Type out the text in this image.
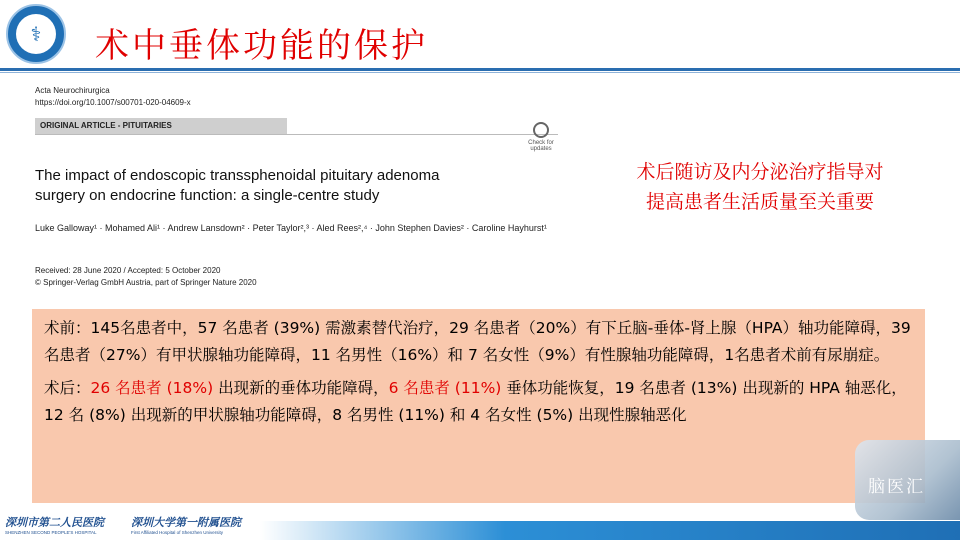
⚕	术中垂体功能的保护
Acta Neurochirurgica
https://doi.org/10.1007/s00701-020-04609-x
ORIGINAL ARTICLE - PITUITARIES
Check for updates
The impact of endoscopic transsphenoidal pituitary adenoma surgery on endocrine function: a single-centre study
Luke Galloway¹ · Mohamed Ali¹ · Andrew Lansdown² · Peter Taylor²,³ · Aled Rees²,⁴ · John Stephen Davies² · Caroline Hayhurst¹
Received: 28 June 2020 / Accepted: 5 October 2020
© Springer-Verlag GmbH Austria, part of Springer Nature 2020
术后随访及内分泌治疗指导对
提高患者生活质量至关重要

术前：145名患者中，57 名患者 (39%) 需激素替代治疗，29 名患者（20%）有下丘脑-垂体-肾上腺（HPA）轴功能障碍，39 名患者（27%）有甲状腺轴功能障碍，11 名男性（16%）和 7 名女性（9%）有性腺轴功能障碍，1名患者术前有尿崩症。

术后：26 名患者 (18%) 出现新的垂体功能障碍，6 名患者 (11%) 垂体功能恢复，19 名患者 (13%) 出现新的 HPA 轴恶化，12 名 (8%) 出现新的甲状腺轴功能障碍，8 名男性 (11%) 和 4 名女性 (5%) 出现性腺轴恶化

脑医汇
深圳市第二人民医院
SHENZHEN SECOND PEOPLE'S HOSPITAL
深圳大学第一附属医院
First Affiliated Hospital of Shenzhen University
